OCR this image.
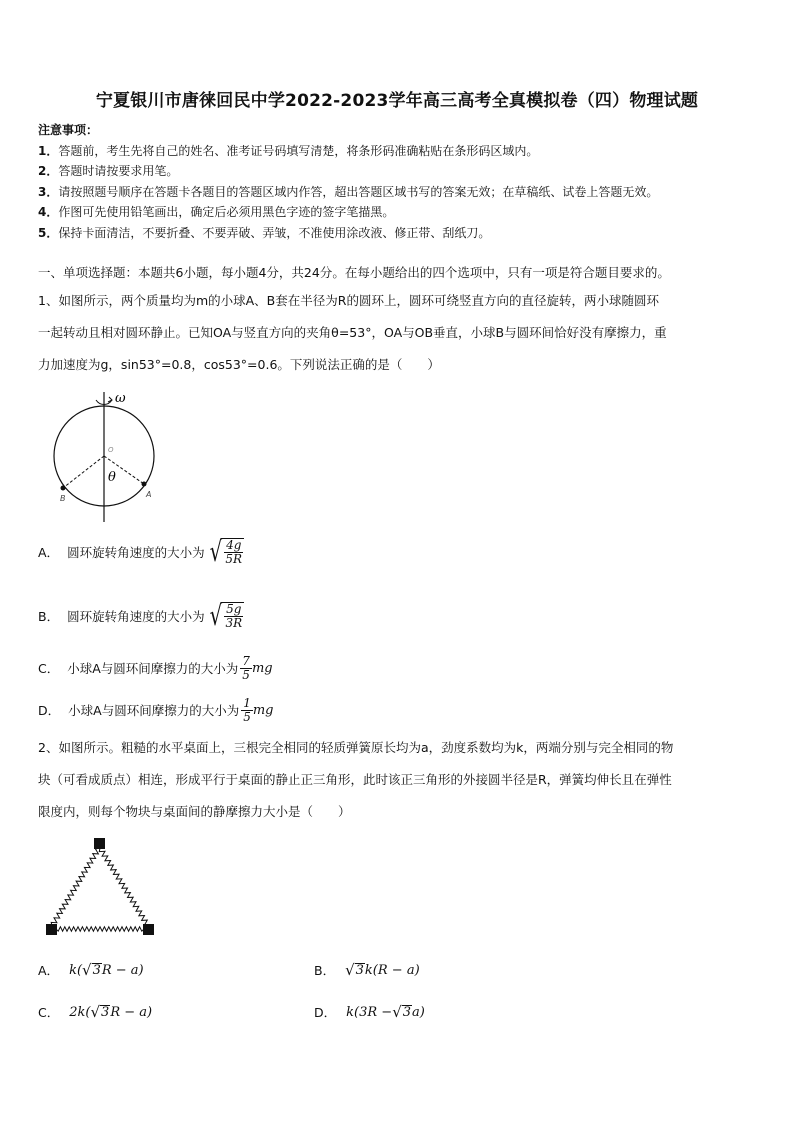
宁夏银川市唐徕回民中学2022-2023学年高三高考全真模拟卷（四）物理试题
注意事项：
1．答题前，考生先将自己的姓名、准考证号码填写清楚，将条形码准确粘贴在条形码区域内。
2．答题时请按要求用笔。
3．请按照题号顺序在答题卡各题目的答题区域内作答，超出答题区域书写的答案无效；在草稿纸、试卷上答题无效。
4．作图可先使用铅笔画出，确定后必须用黑色字迹的签字笔描黑。
5．保持卡面清洁，不要折叠、不要弄破、弄皱，不准使用涂改液、修正带、刮纸刀。
一、单项选择题：本题共6小题，每小题4分，共24分。在每小题给出的四个选项中，只有一项是符合题目要求的。
1、如图所示，两个质量均为m的小球A、B套在半径为R的圆环上，圆环可绕竖直方向的直径旋转，两小球随圆环
一起转动且相对圆环静止。已知OA与竖直方向的夹角θ=53°，OA与OB垂直，小球B与圆环间恰好没有摩擦力，重
力加速度为g，sin53°=0.8，cos53°=0.6。下列说法正确的是（　　）
ω
O
θ
A
B
A． 圆环旋转角速度的大小为 √ $\frac{4g}{5R}$
B． 圆环旋转角速度的大小为 √ $\frac{5g}{3R}$
C． 小球A与圆环间摩擦力的大小为 $\frac{7}{5}$ mg
D． 小球A与圆环间摩擦力的大小为 $\frac{1}{5}$ mg
2、如图所示。粗糙的水平桌面上，三根完全相同的轻质弹簧原长均为a，劲度系数均为k，两端分别与完全相同的物
块（可看成质点）相连，形成平行于桌面的静止正三角形，此时该正三角形的外接圆半径是R，弹簧均伸长且在弹性
限度内，则每个物块与桌面间的静摩擦力大小是（　　）
A． k( √ 3 R − a)	B． √ 3 k(R − a)
C． 2k( √ 3 R − a)	D． k(3R − √ 3 a)
